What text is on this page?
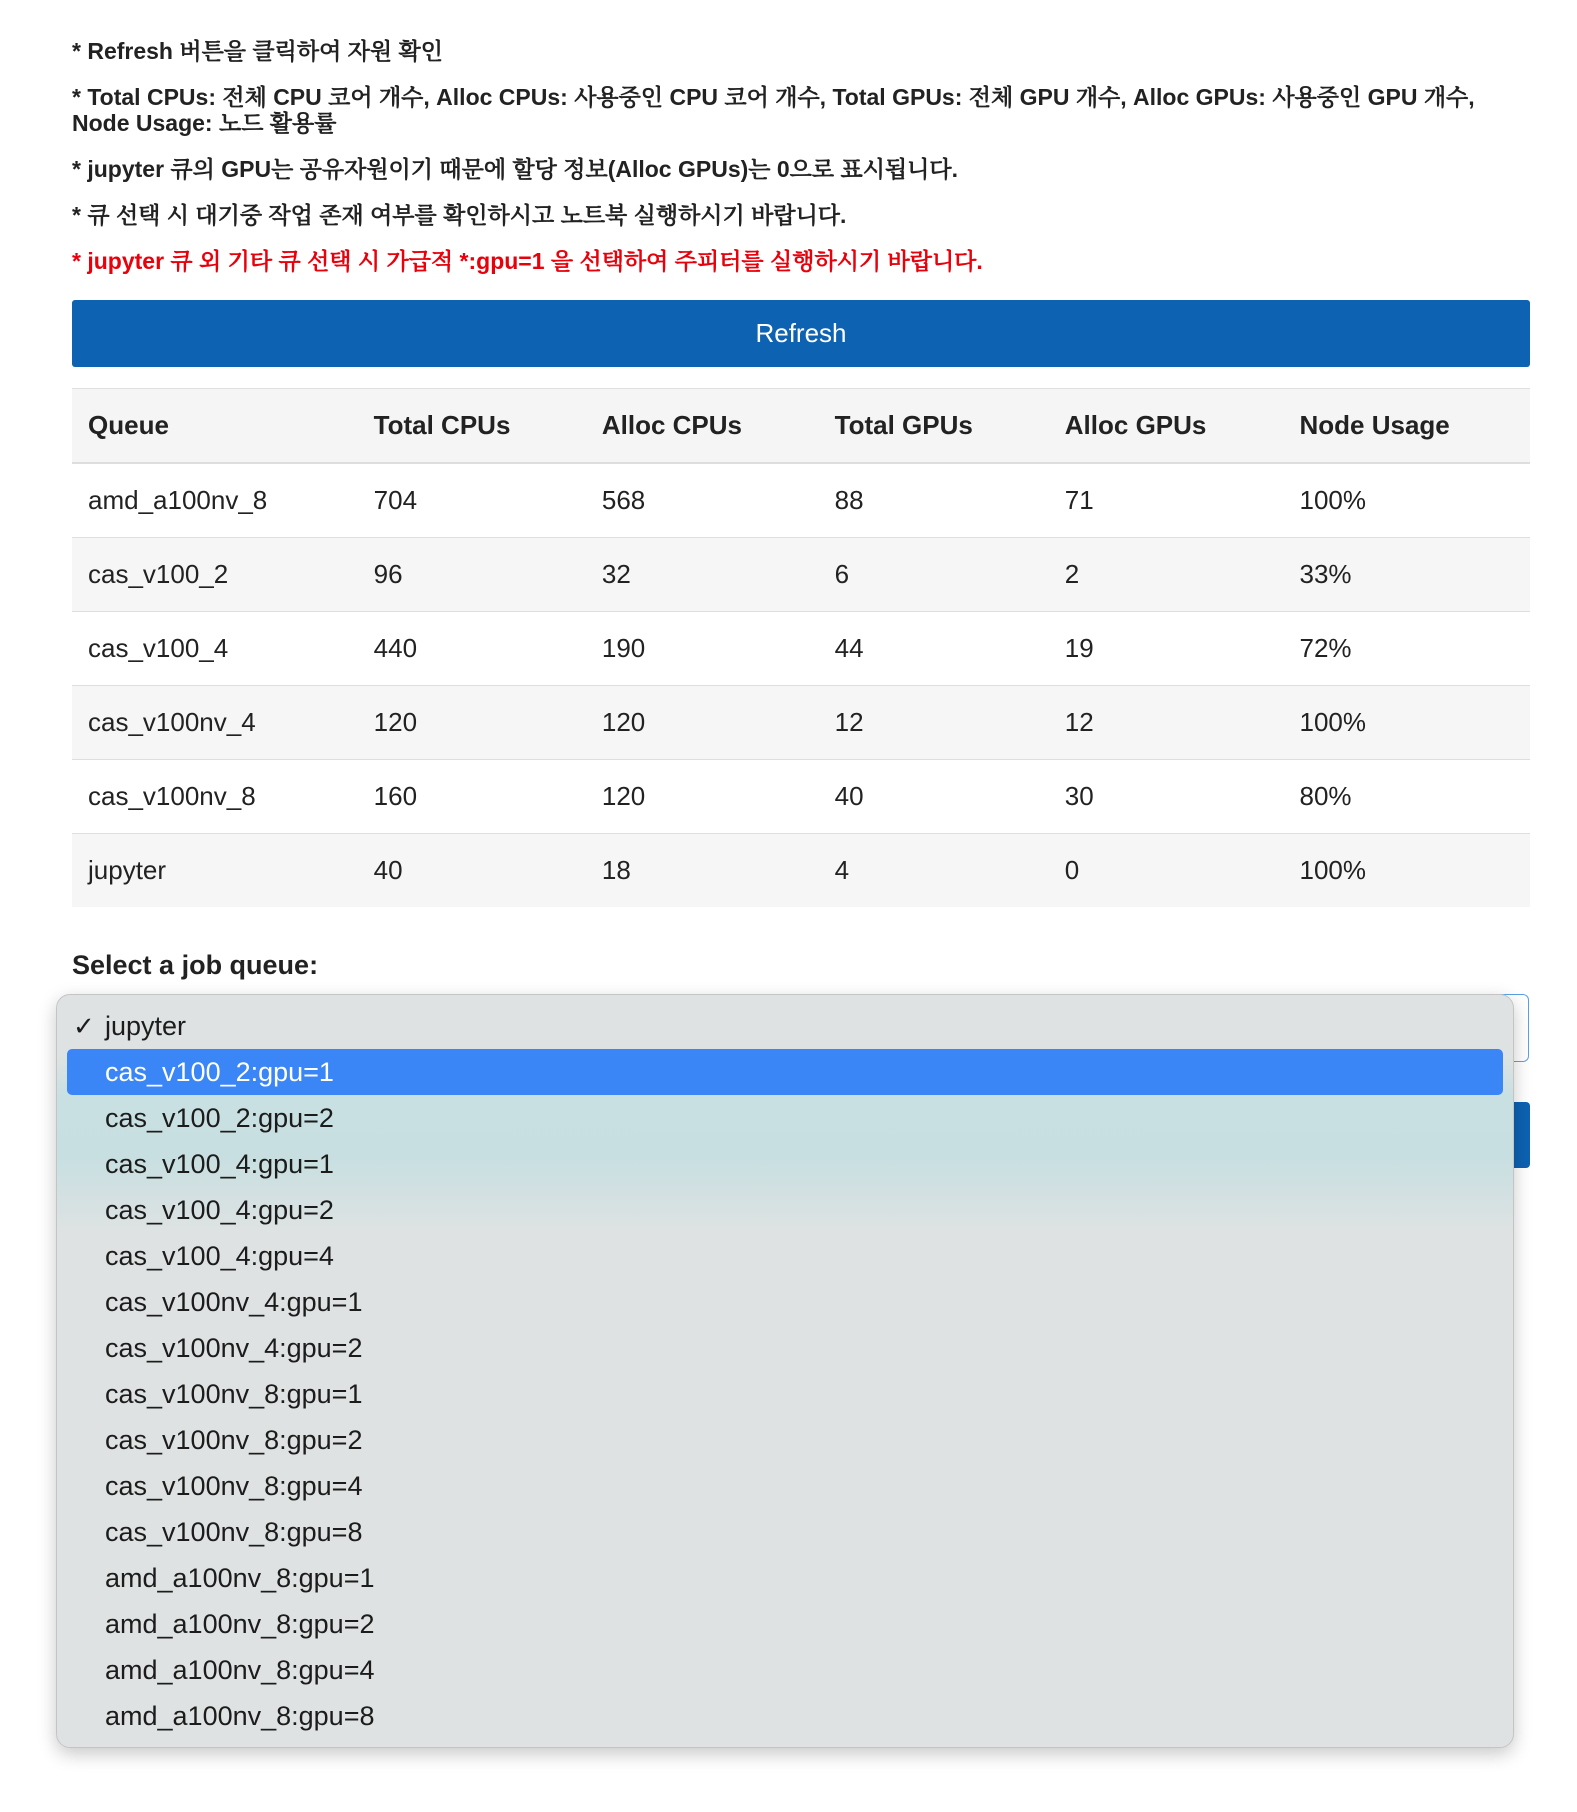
* Refresh 버튼을 클릭하여 자원 확인

* Total CPUs: 전체 CPU 코어 개수, Alloc CPUs: 사용중인 CPU 코어 개수, Total GPUs: 전체 GPU 개수, Alloc GPUs: 사용중인 GPU 개수, Node Usage: 노드 활용률

* jupyter 큐의 GPU는 공유자원이기 때문에 할당 정보(Alloc GPUs)는 0으로 표시됩니다.

* 큐 선택 시 대기중 작업 존재 여부를 확인하시고 노트북 실행하시기 바랍니다.

* jupyter 큐 외 기타 큐 선택 시 가급적 *:gpu=1 을 선택하여 주피터를 실행하시기 바랍니다.

Refresh
Queue	Total CPUs	Alloc CPUs	Total GPUs	Alloc GPUs	Node Usage
amd_a100nv_8	704	568	88	71	100%
cas_v100_2	96	32	6	2	33%
cas_v100_4	440	190	44	19	72%
cas_v100nv_4	120	120	12	12	100%
cas_v100nv_8	160	120	40	30	80%
jupyter	40	18	4	0	100%
Select a job queue:
✓ jupyter
cas_v100_2:gpu=1
cas_v100_2:gpu=2
cas_v100_4:gpu=1
cas_v100_4:gpu=2
cas_v100_4:gpu=4
cas_v100nv_4:gpu=1
cas_v100nv_4:gpu=2
cas_v100nv_8:gpu=1
cas_v100nv_8:gpu=2
cas_v100nv_8:gpu=4
cas_v100nv_8:gpu=8
amd_a100nv_8:gpu=1
amd_a100nv_8:gpu=2
amd_a100nv_8:gpu=4
amd_a100nv_8:gpu=8
